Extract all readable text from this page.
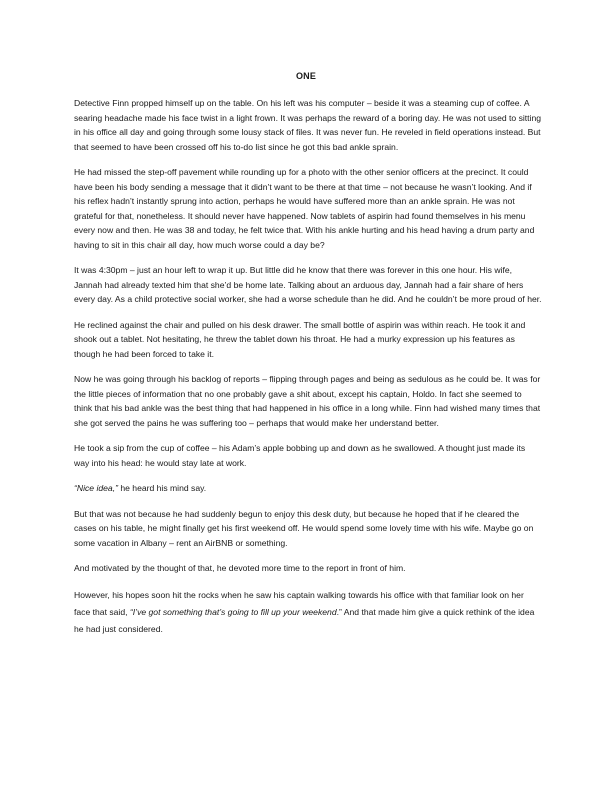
ONE

Detective Finn propped himself up on the table. On his left was his computer – beside it was a steaming cup of coffee. A searing headache made his face twist in a light frown. It was perhaps the reward of a boring day. He was not used to sitting in his office all day and going through some lousy stack of files. It was never fun. He reveled in field operations instead. But that seemed to have been crossed off his to-do list since he got this bad ankle sprain.

He had missed the step-off pavement while rounding up for a photo with the other senior officers at the precinct. It could have been his body sending a message that it didn’t want to be there at that time – not because he wasn’t looking. And if his reflex hadn’t instantly sprung into action, perhaps he would have suffered more than an ankle sprain. He was not grateful for that, nonetheless. It should never have happened. Now tablets of aspirin had found themselves in his menu every now and then. He was 38 and today, he felt twice that. With his ankle hurting and his head having a drum party and having to sit in this chair all day, how much worse could a day be?

It was 4:30pm – just an hour left to wrap it up. But little did he know that there was forever in this one hour. His wife, Jannah had already texted him that she’d be home late. Talking about an arduous day, Jannah had a fair share of hers every day. As a child protective social worker, she had a worse schedule than he did. And he couldn’t be more proud of her.

He reclined against the chair and pulled on his desk drawer. The small bottle of aspirin was within reach. He took it and shook out a tablet. Not hesitating, he threw the tablet down his throat. He had a murky expression up his features as though he had been forced to take it.

Now he was going through his backlog of reports – flipping through pages and being as sedulous as he could be. It was for the little pieces of information that no one probably gave a shit about, except his captain, Holdo. In fact she seemed to think that his bad ankle was the best thing that had happened in his office in a long while. Finn had wished many times that she got served the pains he was suffering too – perhaps that would make her understand better.

He took a sip from the cup of coffee – his Adam’s apple bobbing up and down as he swallowed. A thought just made its way into his head: he would stay late at work.

“Nice idea,” he heard his mind say.

But that was not because he had suddenly begun to enjoy this desk duty, but because he hoped that if he cleared the cases on his table, he might finally get his first weekend off. He would spend some lovely time with his wife. Maybe go on some vacation in Albany – rent an AirBNB or something.

And motivated by the thought of that, he devoted more time to the report in front of him.

However, his hopes soon hit the rocks when he saw his captain walking towards his office with that familiar look on her face that said, “I’ve got something that’s going to fill up your weekend.” And that made him give a quick rethink of the idea he had just considered.
